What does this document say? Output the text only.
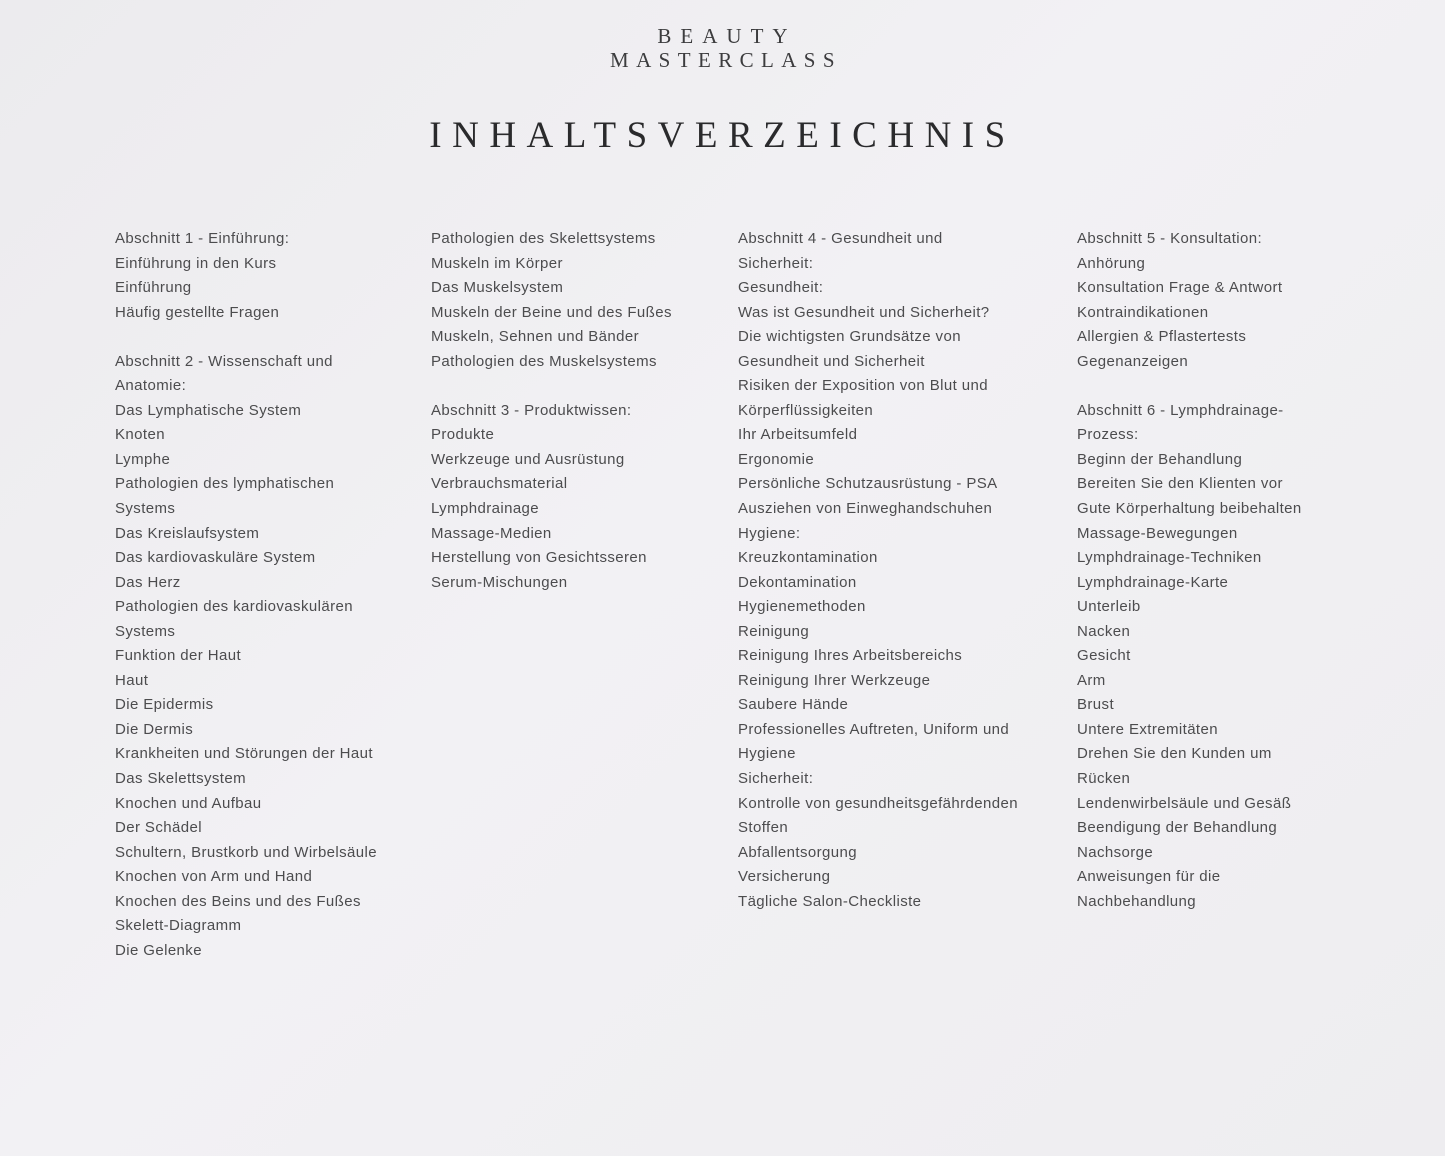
BEAUTY
MASTERCLASS
INHALTSVERZEICHNIS
Abschnitt 1 - Einführung:
Einführung in den Kurs
Einführung
Häufig gestellte Fragen
Abschnitt 2 - Wissenschaft und
Anatomie:
Das Lymphatische System
Knoten
Lymphe
Pathologien des lymphatischen
Systems
Das Kreislaufsystem
Das kardiovaskuläre System
Das Herz
Pathologien des kardiovaskulären
Systems
Funktion der Haut
Haut
Die Epidermis
Die Dermis
Krankheiten und Störungen der Haut
Das Skelettsystem
Knochen und Aufbau
Der Schädel
Schultern, Brustkorb und Wirbelsäule
Knochen von Arm und Hand
Knochen des Beins und des Fußes
Skelett-Diagramm
Die Gelenke
Pathologien des Skelettsystems
Muskeln im Körper
Das Muskelsystem
Muskeln der Beine und des Fußes
Muskeln, Sehnen und Bänder
Pathologien des Muskelsystems
Abschnitt 3 - Produktwissen:
Produkte
Werkzeuge und Ausrüstung
Verbrauchsmaterial
Lymphdrainage
Massage-Medien
Herstellung von Gesichtsseren
Serum-Mischungen
Abschnitt 4 - Gesundheit und
Sicherheit:
Gesundheit:
Was ist Gesundheit und Sicherheit?
Die wichtigsten Grundsätze von
Gesundheit und Sicherheit
Risiken der Exposition von Blut und
Körperflüssigkeiten
Ihr Arbeitsumfeld
Ergonomie
Persönliche Schutzausrüstung - PSA
Ausziehen von Einweghandschuhen
Hygiene:
Kreuzkontamination
Dekontamination
Hygienemethoden
Reinigung
Reinigung Ihres Arbeitsbereichs
Reinigung Ihrer Werkzeuge
Saubere Hände
Professionelles Auftreten, Uniform und
Hygiene
Sicherheit:
Kontrolle von gesundheitsgefährdenden
Stoffen
Abfallentsorgung
Versicherung
Tägliche Salon-Checkliste
Abschnitt 5 - Konsultation:
Anhörung
Konsultation Frage & Antwort
Kontraindikationen
Allergien & Pflastertests
Gegenanzeigen
Abschnitt 6 - Lymphdrainage-
Prozess:
Beginn der Behandlung
Bereiten Sie den Klienten vor
Gute Körperhaltung beibehalten
Massage-Bewegungen
Lymphdrainage-Techniken
Lymphdrainage-Karte
Unterleib
Nacken
Gesicht
Arm
Brust
Untere Extremitäten
Drehen Sie den Kunden um
Rücken
Lendenwirbelsäule und Gesäß
Beendigung der Behandlung
Nachsorge
Anweisungen für die
Nachbehandlung
